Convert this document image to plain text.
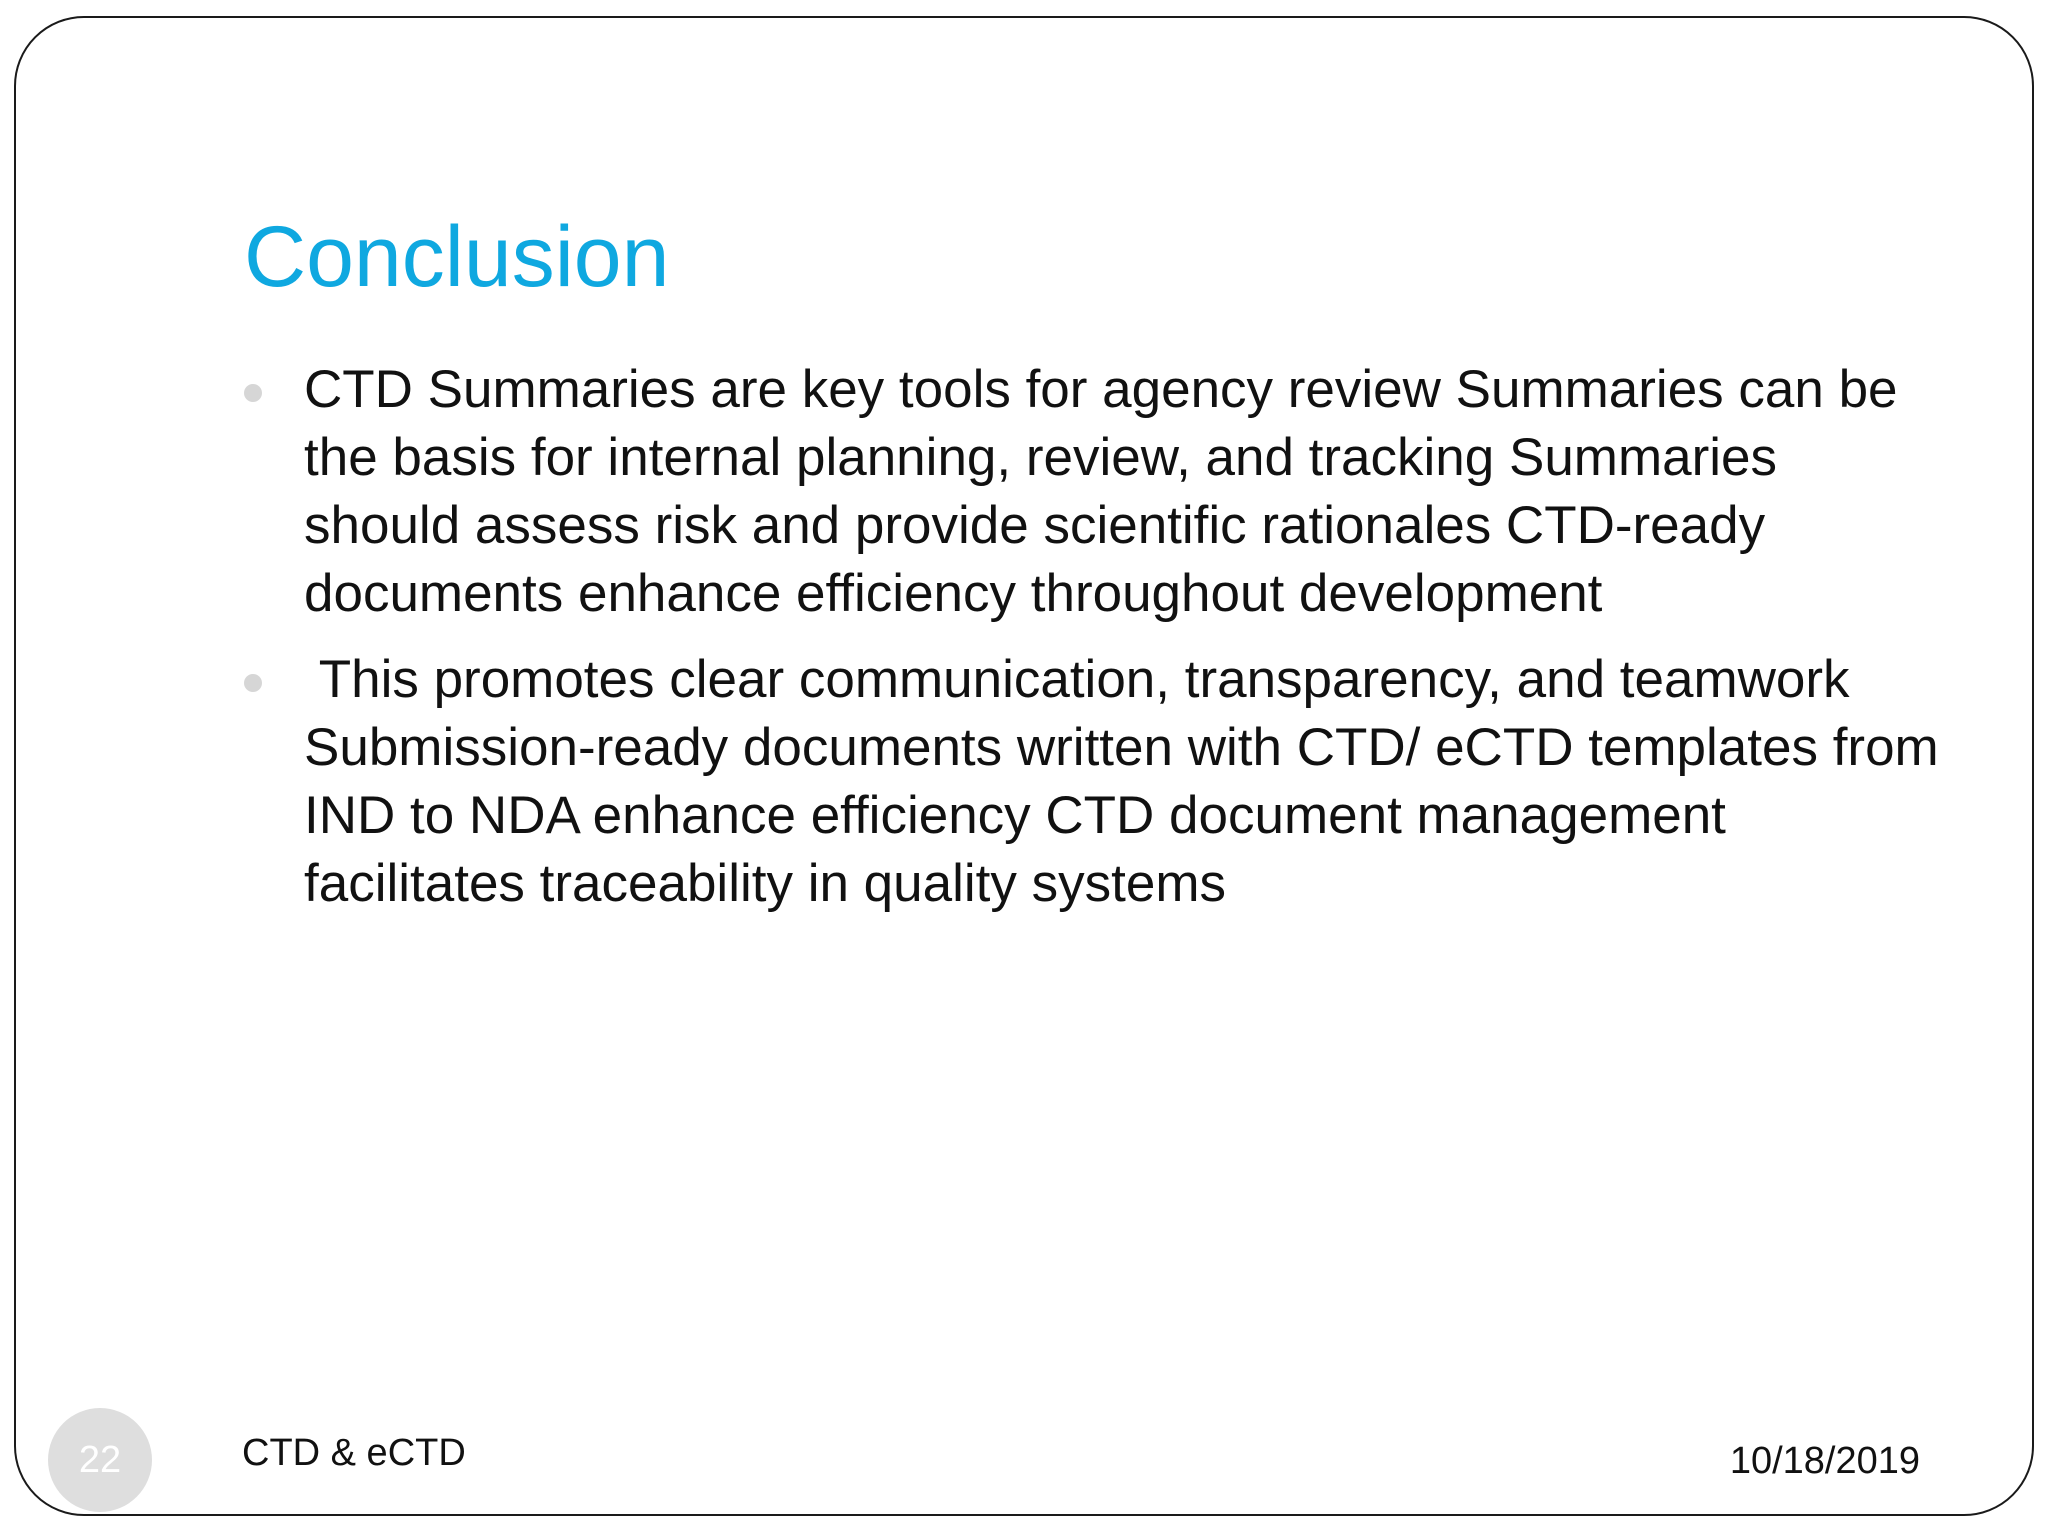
Conclusion
CTD Summaries are key tools for agency review Summaries can be the basis for internal planning, review, and tracking Summaries should assess risk and provide scientific rationales CTD-ready documents enhance efficiency throughout development
This promotes clear communication, transparency, and teamwork Submission-ready documents written with CTD/ eCTD templates from IND to NDA enhance efficiency CTD document management facilitates traceability in quality systems
22	CTD & eCTD	10/18/2019
